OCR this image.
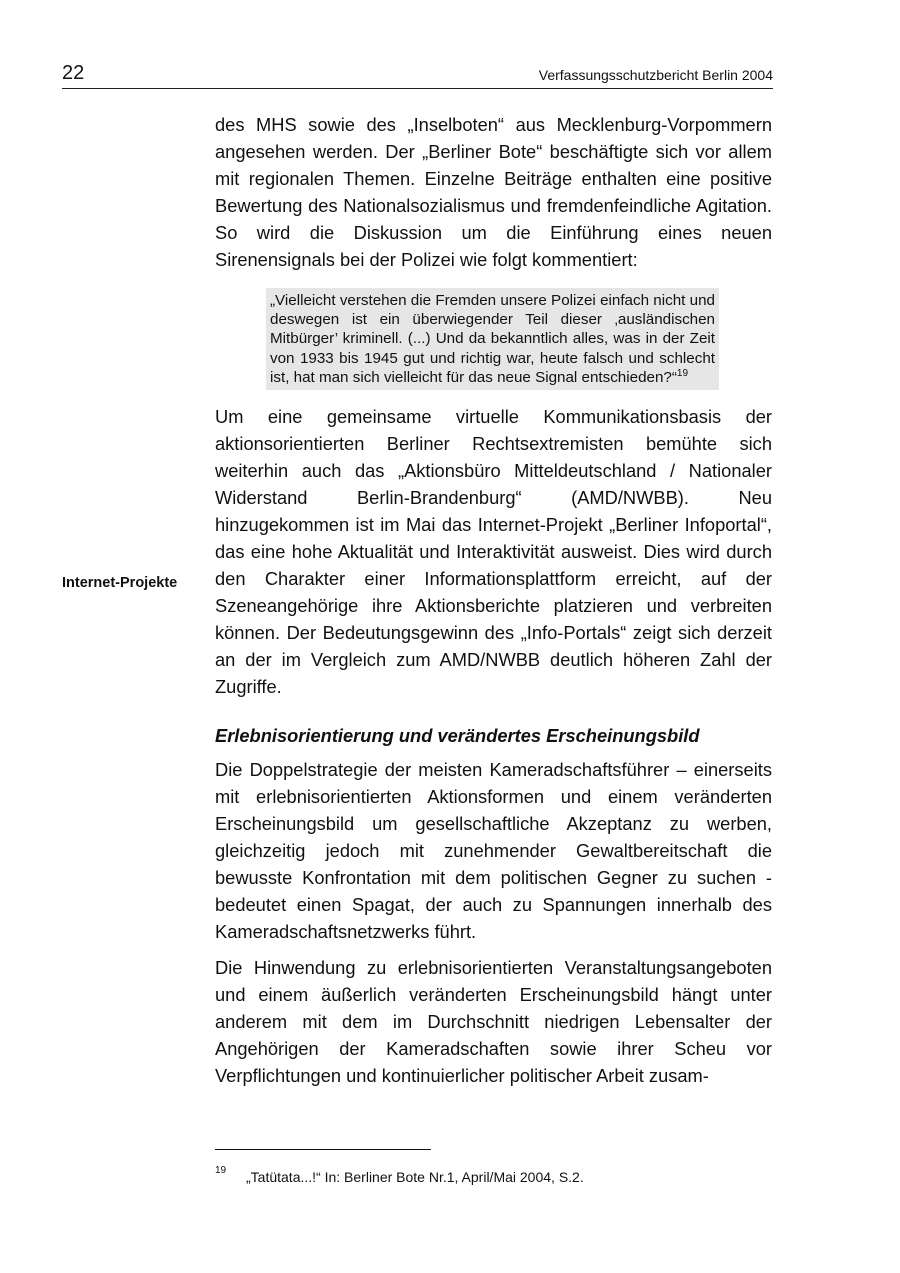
22	Verfassungsschutzbericht Berlin 2004
Internet-Projekte

des MHS sowie des „Inselboten“ aus Mecklenburg-Vorpommern angesehen werden. Der „Berliner Bote“ beschäftigte sich vor allem mit regionalen Themen. Einzelne Beiträge enthalten eine positive Bewertung des Nationalsozialismus und fremdenfeindliche Agitation. So wird die Diskussion um die Einführung eines neuen Sirenensignals bei der Polizei wie folgt kommentiert:

„Vielleicht verstehen die Fremden unsere Polizei einfach nicht und deswegen ist ein überwiegender Teil dieser ‚ausländischen Mitbürger’ kriminell. (...) Und da bekanntlich alles, was in der Zeit von 1933 bis 1945 gut und richtig war, heute falsch und schlecht ist, hat man sich vielleicht für das neue Signal entschieden?“$^{19}$

Um eine gemeinsame virtuelle Kommunikationsbasis der aktionsorientierten Berliner Rechtsextremisten bemühte sich weiterhin auch das „Aktionsbüro Mitteldeutschland / Nationaler Widerstand Berlin-Brandenburg“ (AMD/NWBB). Neu hinzugekommen ist im Mai das Internet-Projekt „Berliner Infoportal“, das eine hohe Aktualität und Interaktivität ausweist. Dies wird durch den Charakter einer Informationsplattform erreicht, auf der Szeneangehörige ihre Aktionsberichte platzieren und verbreiten können. Der Bedeutungsgewinn des „Info-Portals“ zeigt sich derzeit an der im Vergleich zum AMD/NWBB deutlich höheren Zahl der Zugriffe.

Erlebnisorientierung und verändertes Erscheinungsbild

Die Doppelstrategie der meisten Kameradschaftsführer – einerseits mit erlebnisorientierten Aktionsformen und einem veränderten Erscheinungsbild um gesellschaftliche Akzeptanz zu werben, gleichzeitig jedoch mit zunehmender Gewaltbereitschaft die bewusste Konfrontation mit dem politischen Gegner zu suchen - bedeutet einen Spagat, der auch zu Spannungen innerhalb des Kameradschaftsnetzwerks führt.

Die Hinwendung zu erlebnisorientierten Veranstaltungsangeboten und einem äußerlich veränderten Erscheinungsbild hängt unter anderem mit dem im Durchschnitt niedrigen Lebensalter der Angehörigen der Kameradschaften sowie ihrer Scheu vor Verpflichtungen und kontinuierlicher politischer Arbeit zusam-

19 „Tatütata...!“ In: Berliner Bote Nr.1, April/Mai 2004, S.2.
